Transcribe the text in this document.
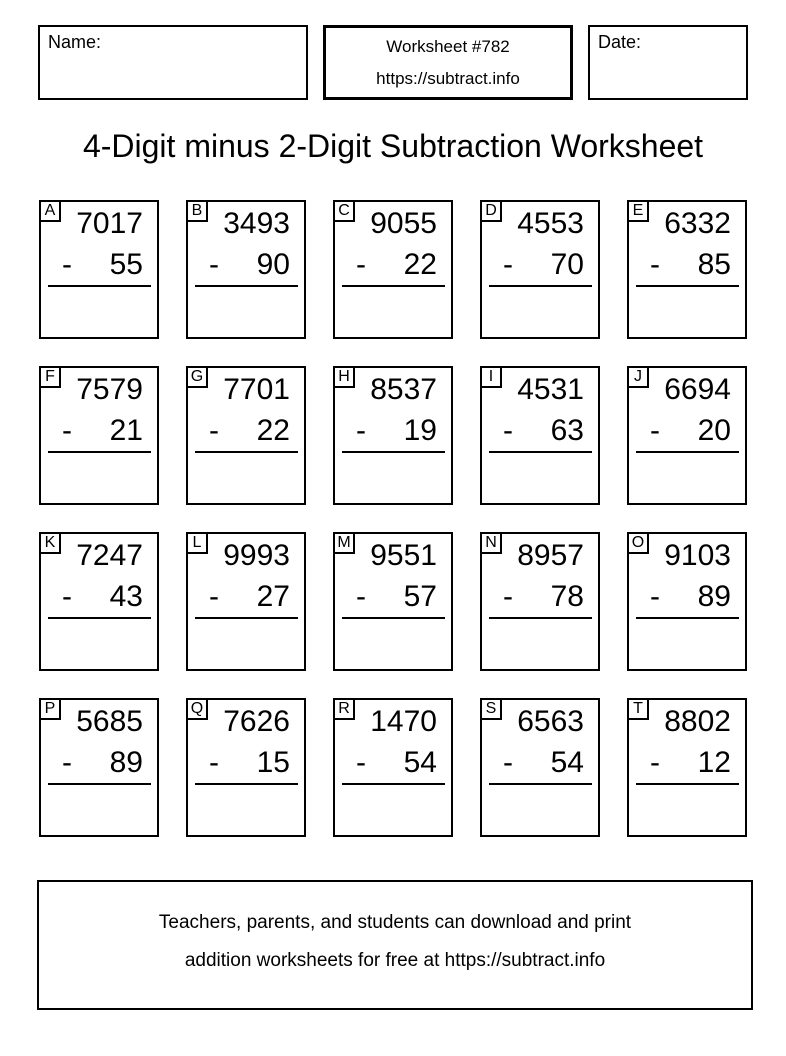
Name:	Worksheet #782
https://subtract.info
Date:
4-Digit minus 2-Digit Subtraction Worksheet
A 7017
- 55
B 3493
- 90
C 9055
- 22
D 4553
- 70
E 6332
- 85
F 7579
- 21
G 7701
- 22
H 8537
- 19
I 4531
- 63
J 6694
- 20
K 7247
- 43
L 9993
- 27
M 9551
- 57
N 8957
- 78
O 9103
- 89
P 5685
- 89
Q 7626
- 15
R 1470
- 54
S 6563
- 54
T 8802
- 12
Teachers, parents, and students can download and print
addition worksheets for free at https://subtract.info
